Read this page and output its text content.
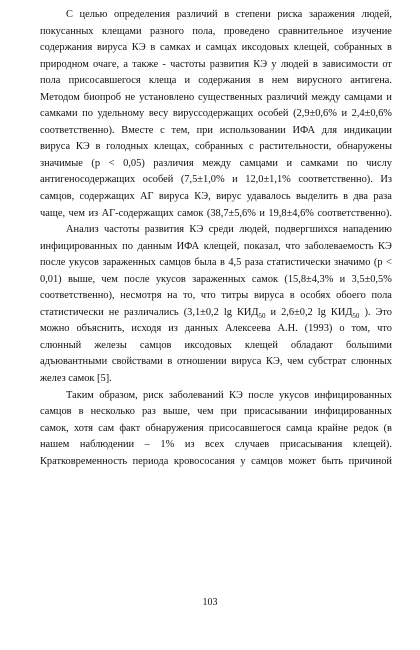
С целью определения различий в степени риска заражения людей,
покусанных клещами разного пола, проведено сравнительное изучение
содержания вируса КЭ в самках и самцах иксодовых клещей, собранных в
природном очаге, а также - частоты развития КЭ у людей в зависимости от
пола присосавшегося клеща и содержания в нем вирусного антигена.
Методом биопроб не установлено существенных различий между самцами и
самками по удельному весу вируссодержащих особей (2,9±0,6% и 2,4±0,6%
соответственно). Вместе с тем, при использовании ИФА для индикации
вируса КЭ в голодных клещах, собранных с растительности, обнаружены
значимые (р < 0,05) различия между самцами и самками по числу
антигеносодержащих особей (7,5±1,0% и 12,0±1,1% соответственно). Из
самцов, содержащих АГ вируса КЭ, вирус удавалось выделить в два раза
чаще, чем из АГ-содержащих самок (38,7±5,6% и 19,8±4,6% соответственно).

Анализ частоты развития КЭ среди людей, подвергшихся нападению
инфицированных по данным ИФА клещей, показал, что заболеваемость КЭ
после укусов зараженных самцов была в 4,5 раза статистически значимо (р <
0,01) выше, чем после укусов зараженных самок (15,8±4,3% и 3,5±0,5%
соответственно), несмотря на то, что титры вируса в особях обоего пола
статистически не различались (3,1±0,2 $\lg КИД_{50}$ и 2,6±0,2 $\lg КИД_{50}$ ). Это
можно объяснить, исходя из данных Алексеева А.Н. (1993) о том, что
слюнный железы самцов иксодовых клещей обладают большими
адъювантными свойствами в отношении вируса КЭ, чем субстрат слюнных
желез самок [5].

Таким образом, риск заболеваний КЭ после укусов инфицированных
самцов в несколько раз выше, чем при присасывании инфицированных
самок, хотя сам факт обнаружения присосавшегося самца крайне редок (в
нашем наблюдении – 1% из всех случаев присасывания клещей).
Кратковременность периода кровососания у самцов может быть причиной

103
